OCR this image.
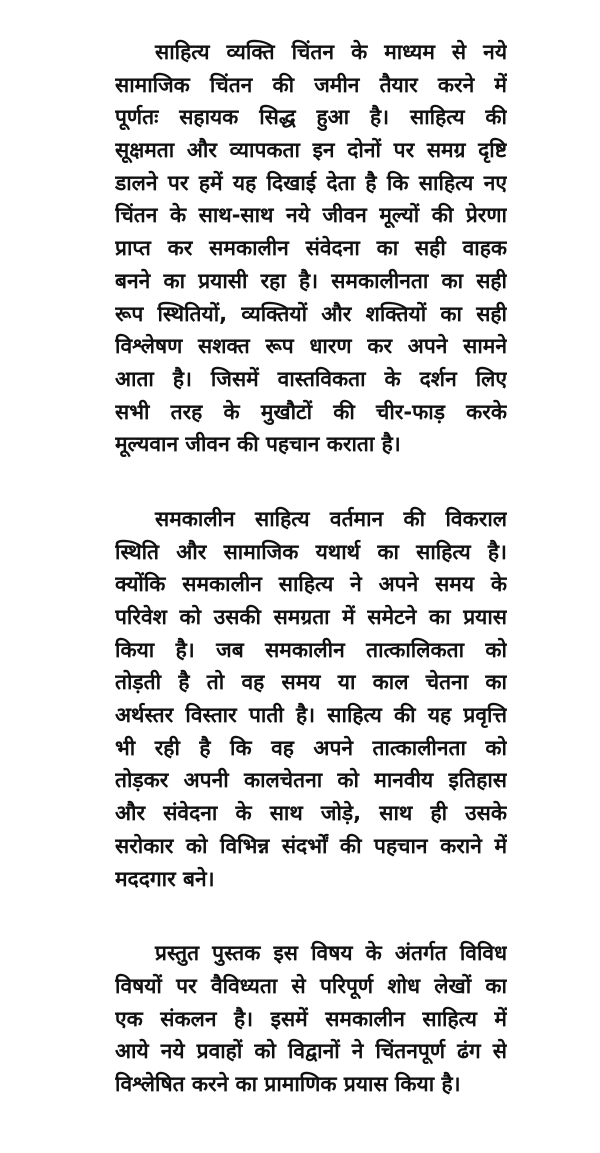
साहित्य व्यक्ति चिंतन के माध्यम से नये
सामाजिक चिंतन की जमीन तैयार करने में
पूर्णतः सहायक सिद्ध हुआ है। साहित्य की
सूक्षमता और व्यापकता इन दोनों पर समग्र दृष्टि
डालने पर हमें यह दिखाई देता है कि साहित्य नए
चिंतन के साथ-साथ नये जीवन मूल्यों की प्रेरणा
प्राप्त कर समकालीन संवेदना का सही वाहक
बनने का प्रयासी रहा है। समकालीनता का सही
रूप स्थितियों, व्यक्तियों और शक्तियों का सही
विश्लेषण सशक्त रूप धारण कर अपने सामने
आता है। जिसमें वास्तविकता के दर्शन लिए
सभी तरह के मुखौटों की चीर-फाड़ करके
मूल्यवान जीवन की पहचान कराता है।
समकालीन साहित्य वर्तमान की विकराल
स्थिति और सामाजिक यथार्थ का साहित्य है।
क्योंकि समकालीन साहित्य ने अपने समय के
परिवेश को उसकी समग्रता में समेटने का प्रयास
किया है। जब समकालीन तात्कालिकता को
तोड़ती है तो वह समय या काल चेतना का
अर्थस्तर विस्तार पाती है। साहित्य की यह प्रवृत्ति
भी रही है कि वह अपने तात्कालीनता को
तोड़कर अपनी कालचेतना को मानवीय इतिहास
और संवेदना के साथ जोड़े, साथ ही उसके
सरोकार को विभिन्न संदर्भों की पहचान कराने में
मददगार बने।
प्रस्तुत पुस्तक इस विषय के अंतर्गत विविध
विषयों पर वैविध्यता से परिपूर्ण शोध लेखों का
एक संकलन है। इसमें समकालीन साहित्य में
आये नये प्रवाहों को विद्वानों ने चिंतनपूर्ण ढंग से
विश्लेषित करने का प्रामाणिक प्रयास किया है।
